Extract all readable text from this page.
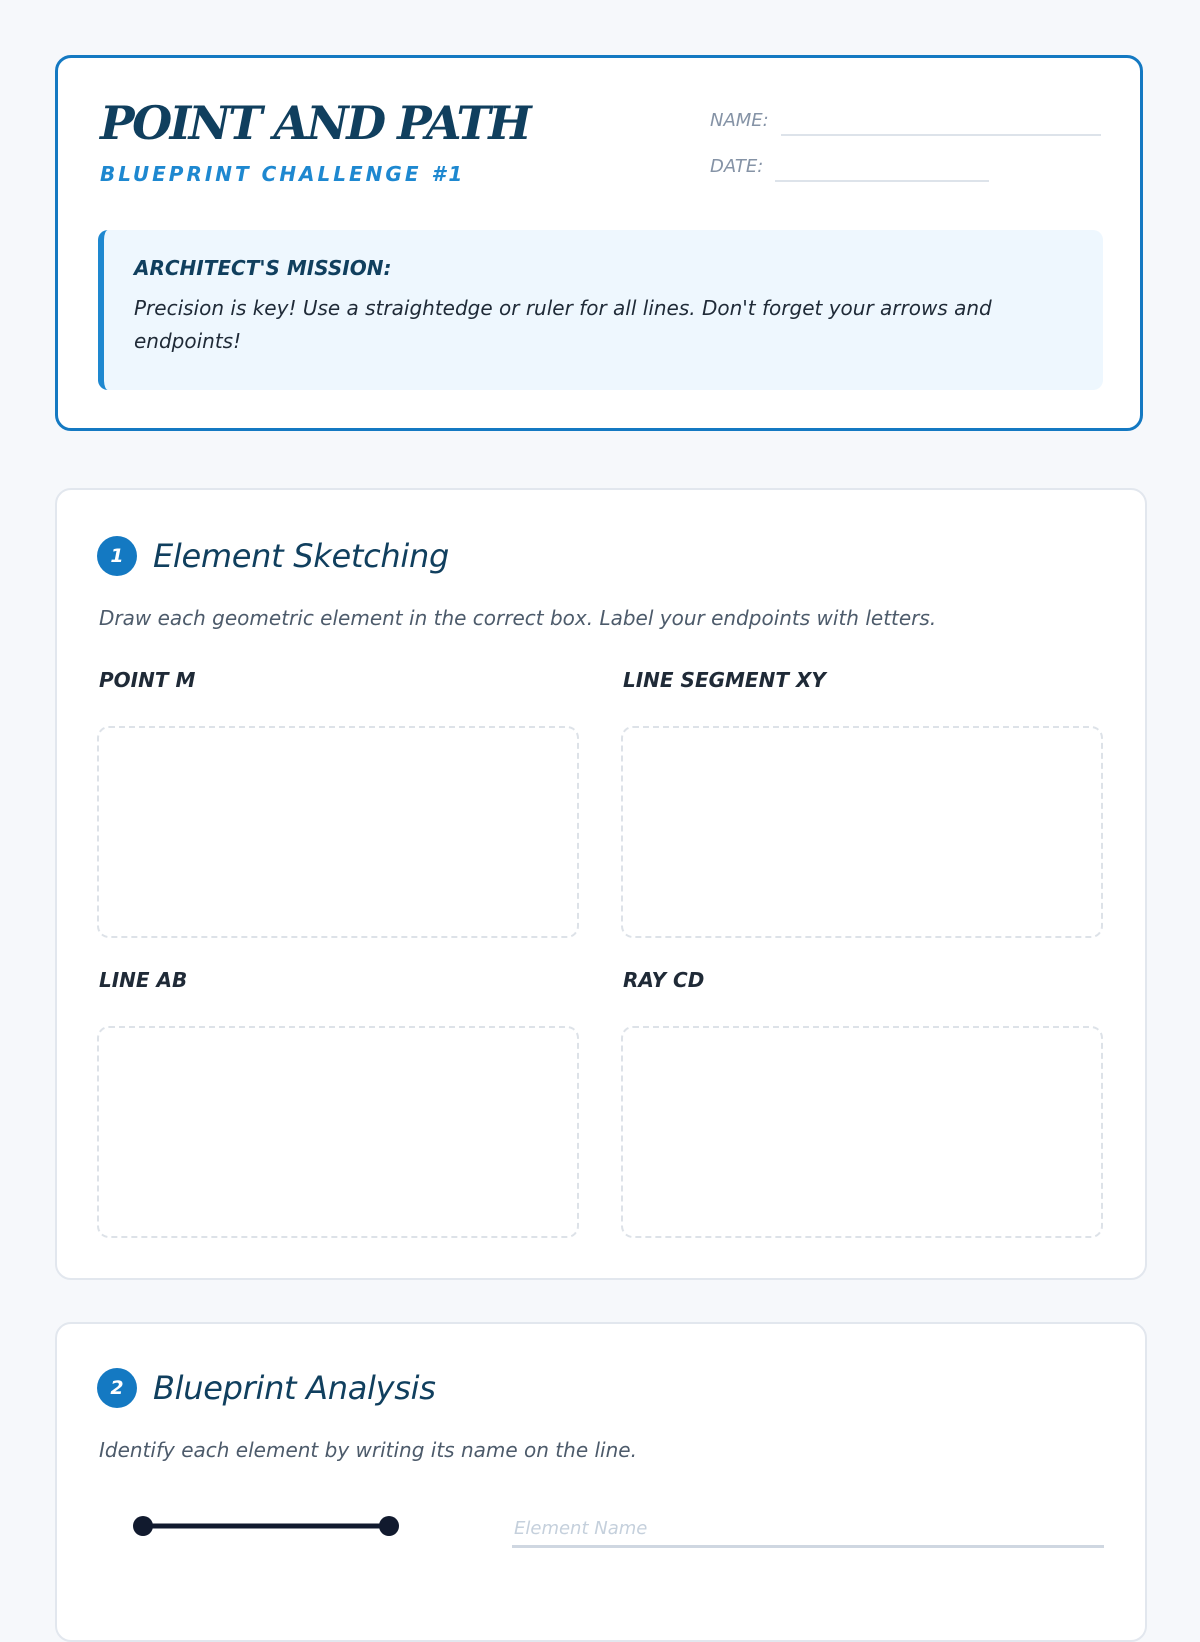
POINT AND PATH
BLUEPRINT CHALLENGE #1
NAME:
DATE:
ARCHITECT'S MISSION:
Precision is key! Use a straightedge or ruler for all lines. Don't forget your arrows and endpoints!
1 Element Sketching
Draw each geometric element in the correct box. Label your endpoints with letters.
POINT M	LINE SEGMENT XY
LINE AB	RAY CD
2 Blueprint Analysis
Identify each element by writing its name on the line.
Element Name
